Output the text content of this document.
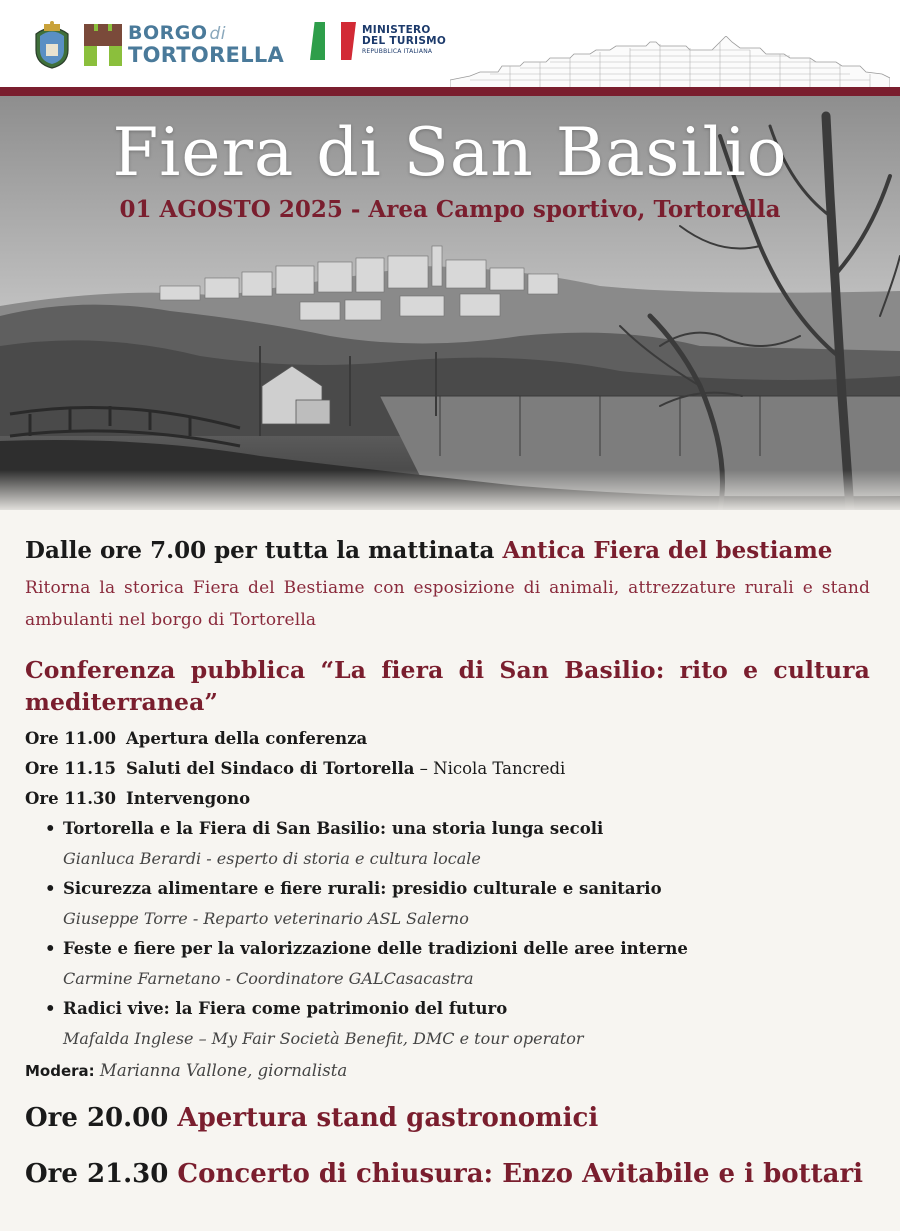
BORGO di
TORTORELLA
MINISTERO
DEL TURISMO
REPUBBLICA ITALIANA
Fiera di San Basilio
01 AGOSTO 2025 - Area Campo sportivo, Tortorella
Dalle ore 7.00 per tutta la mattinata Antica Fiera del bestiame
Ritorna la storica Fiera del Bestiame con esposizione di animali, attrezzature rurali e stand ambulanti nel borgo di Tortorella
Conferenza pubblica “La fiera di San Basilio: rito e cultura mediterranea”
Ore 11.00 Apertura della conferenza
Ore 11.15 Saluti del Sindaco di Tortorella – Nicola Tancredi
Ore 11.30 Intervengono
• Tortorella e la Fiera di San Basilio: una storia lunga secoli
Gianluca Berardi - esperto di storia e cultura locale
• Sicurezza alimentare e fiere rurali: presidio culturale e sanitario
Giuseppe Torre - Reparto veterinario ASL Salerno
• Feste e fiere per la valorizzazione delle tradizioni delle aree interne
Carmine Farnetano - Coordinatore GALCasacastra
• Radici vive: la Fiera come patrimonio del futuro
Mafalda Inglese – My Fair Società Benefit, DMC e tour operator
Modera: Marianna Vallone, giornalista
Ore 20.00 Apertura stand gastronomici
Ore 21.30 Concerto di chiusura: Enzo Avitabile e i bottari
